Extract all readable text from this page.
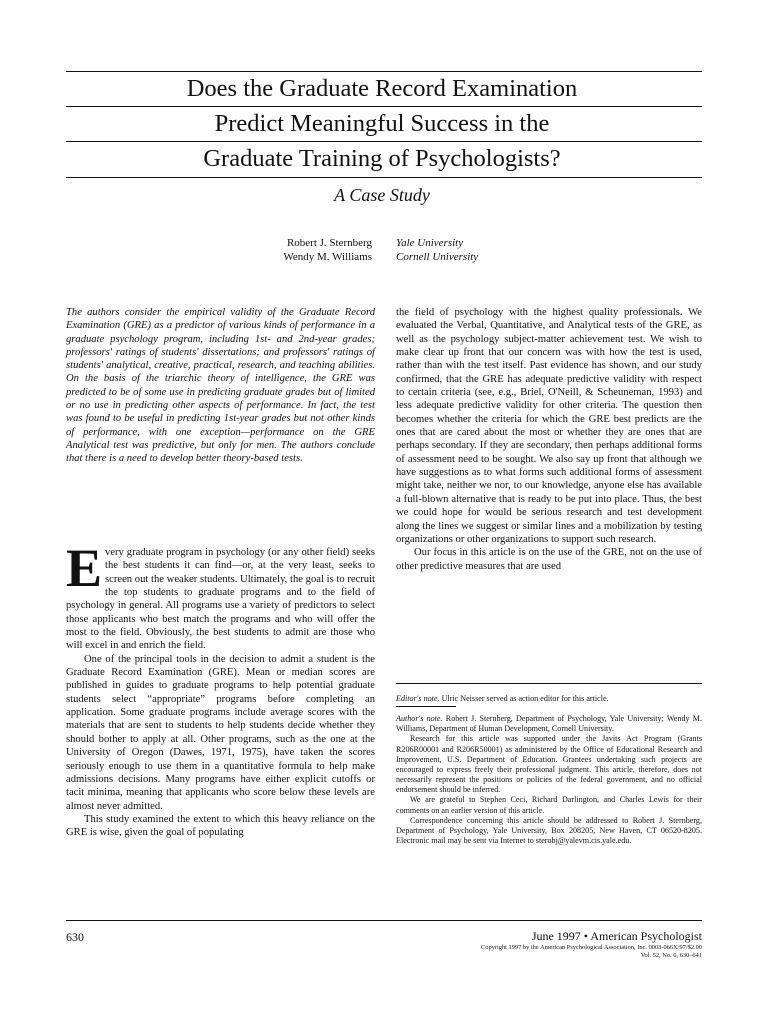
Does the Graduate Record Examination
Predict Meaningful Success in the
Graduate Training of Psychologists?
A Case Study
Robert J. Sternberg
Wendy M. Williams
Yale University
Cornell University

The authors consider the empirical validity of the Graduate Record Examination (GRE) as a predictor of various kinds of performance in a graduate psychology program, including 1st- and 2nd-year grades; professors' ratings of students' dissertations; and professors' ratings of students' analytical, creative, practical, research, and teaching abilities. On the basis of the triarchic theory of intelligence, the GRE was predicted to be of some use in predicting graduate grades but of limited or no use in predicting other aspects of performance. In fact, the test was found to be useful in predicting 1st-year grades but not other kinds of performance, with one exception—performance on the GRE Analytical test was predictive, but only for men. The authors conclude that there is a need to develop better theory-based tests.

Every graduate program in psychology (or any other field) seeks the best students it can find—or, at the very least, seeks to screen out the weaker students. Ultimately, the goal is to recruit the top students to graduate programs and to the field of psychology in general. All programs use a variety of predictors to select those applicants who best match the programs and who will offer the most to the field. Obviously, the best students to admit are those who will excel in and enrich the field.

One of the principal tools in the decision to admit a student is the Graduate Record Examination (GRE). Mean or median scores are published in guides to graduate programs to help potential graduate students select “appropriate” programs before completing an application. Some graduate programs include average scores with the materials that are sent to students to help students decide whether they should bother to apply at all. Other programs, such as the one at the University of Oregon (Dawes, 1971, 1975), have taken the scores seriously enough to use them in a quantitative formula to help make admissions decisions. Many programs have either explicit cutoffs or tacit minima, meaning that applicants who score below these levels are almost never admitted.

This study examined the extent to which this heavy reliance on the GRE is wise, given the goal of populating

the field of psychology with the highest quality professionals. We evaluated the Verbal, Quantitative, and Analytical tests of the GRE, as well as the psychology subject-matter achievement test. We wish to make clear up front that our concern was with how the test is used, rather than with the test itself. Past evidence has shown, and our study confirmed, that the GRE has adequate predictive validity with respect to certain criteria (see, e.g., Briel, O'Neill, & Scheuneman, 1993) and less adequate predictive validity for other criteria. The question then becomes whether the criteria for which the GRE best predicts are the ones that are cared about the most or whether they are ones that are perhaps secondary. If they are secondary, then perhaps additional forms of assessment need to be sought. We also say up front that although we have suggestions as to what forms such additional forms of assessment might take, neither we nor, to our knowledge, anyone else has available a full-blown alternative that is ready to be put into place. Thus, the best we could hope for would be serious research and test development along the lines we suggest or similar lines and a mobilization by testing organizations or other organizations to support such research.

Our focus in this article is on the use of the GRE, not on the use of other predictive measures that are used

Editor's note. Ulric Neisser served as action editor for this article.

Author's note. Robert J. Sternberg, Department of Psychology, Yale University; Wendy M. Williams, Department of Human Development, Cornell University.

Research for this article was supported under the Javits Act Program (Grants R206R00001 and R206R50001) as administered by the Office of Educational Research and Improvement, U.S. Department of Education. Grantees undertaking such projects are encouraged to express freely their professional judgment. This article, therefore, does not necessarily represent the positions or policies of the federal government, and no official endorsement should be inferred.

We are grateful to Stephen Ceci, Richard Darlington, and Charles Lewis for their comments on an earlier version of this article.

Correspondence concerning this article should be addressed to Robert J. Sternberg, Department of Psychology, Yale University, Box 208205, New Haven, CT 06520-8205. Electronic mail may be sent via Internet to sterobj@yalevm.cis.yale.edu.

630	June 1997 • American Psychologist
Copyright 1997 by the American Psychological Association, Inc. 0003-066X/97/$2.00
Vol. 52, No. 6, 630–641
